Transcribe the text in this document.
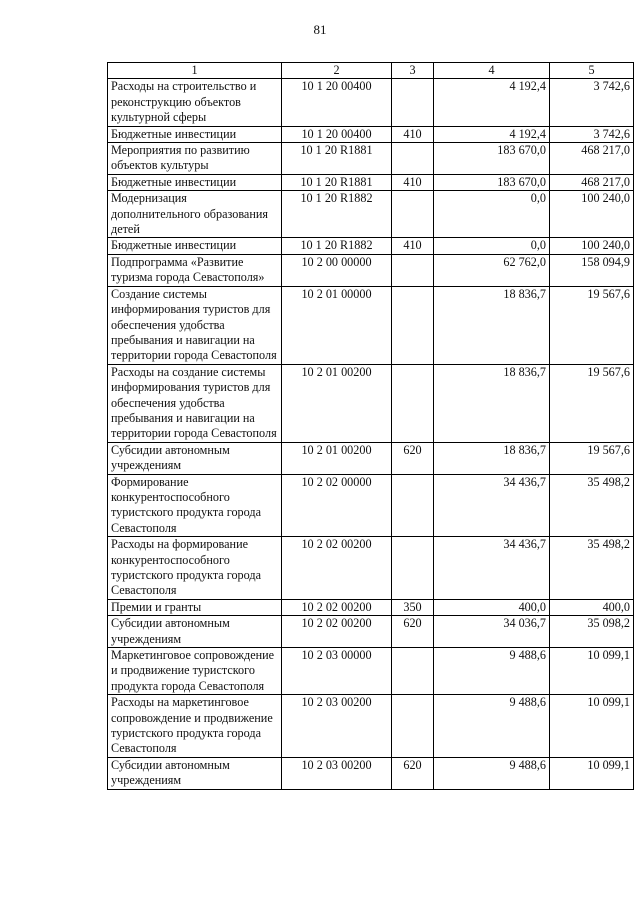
81
1	2	3	4	5
Расходы на строительство и реконструкцию объектов культурной сферы	10 1 20 00400		4 192,4	3 742,6
Бюджетные инвестиции	10 1 20 00400	410	4 192,4	3 742,6
Мероприятия по развитию объектов культуры	10 1 20 R1881		183 670,0	468 217,0
Бюджетные инвестиции	10 1 20 R1881	410	183 670,0	468 217,0
Модернизация дополнительного образования детей	10 1 20 R1882		0,0	100 240,0
Бюджетные инвестиции	10 1 20 R1882	410	0,0	100 240,0
Подпрограмма «Развитие туризма города Севастополя»	10 2 00 00000		62 762,0	158 094,9
Создание системы информирования туристов для обеспечения удобства пребывания и навигации на территории города Севастополя	10 2 01 00000		18 836,7	19 567,6
Расходы на создание системы информирования туристов для обеспечения удобства пребывания и навигации на территории города Севастополя	10 2 01 00200		18 836,7	19 567,6
Субсидии автономным учреждениям	10 2 01 00200	620	18 836,7	19 567,6
Формирование конкурентоспособного туристского продукта города Севастополя	10 2 02 00000		34 436,7	35 498,2
Расходы на формирование конкурентоспособного туристского продукта города Севастополя	10 2 02 00200		34 436,7	35 498,2
Премии и гранты	10 2 02 00200	350	400,0	400,0
Субсидии автономным учреждениям	10 2 02 00200	620	34 036,7	35 098,2
Маркетинговое сопровождение и продвижение туристского продукта города Севастополя	10 2 03 00000		9 488,6	10 099,1
Расходы на маркетинговое сопровождение и продвижение туристского продукта города Севастополя	10 2 03 00200		9 488,6	10 099,1
Субсидии автономным учреждениям	10 2 03 00200	620	9 488,6	10 099,1
